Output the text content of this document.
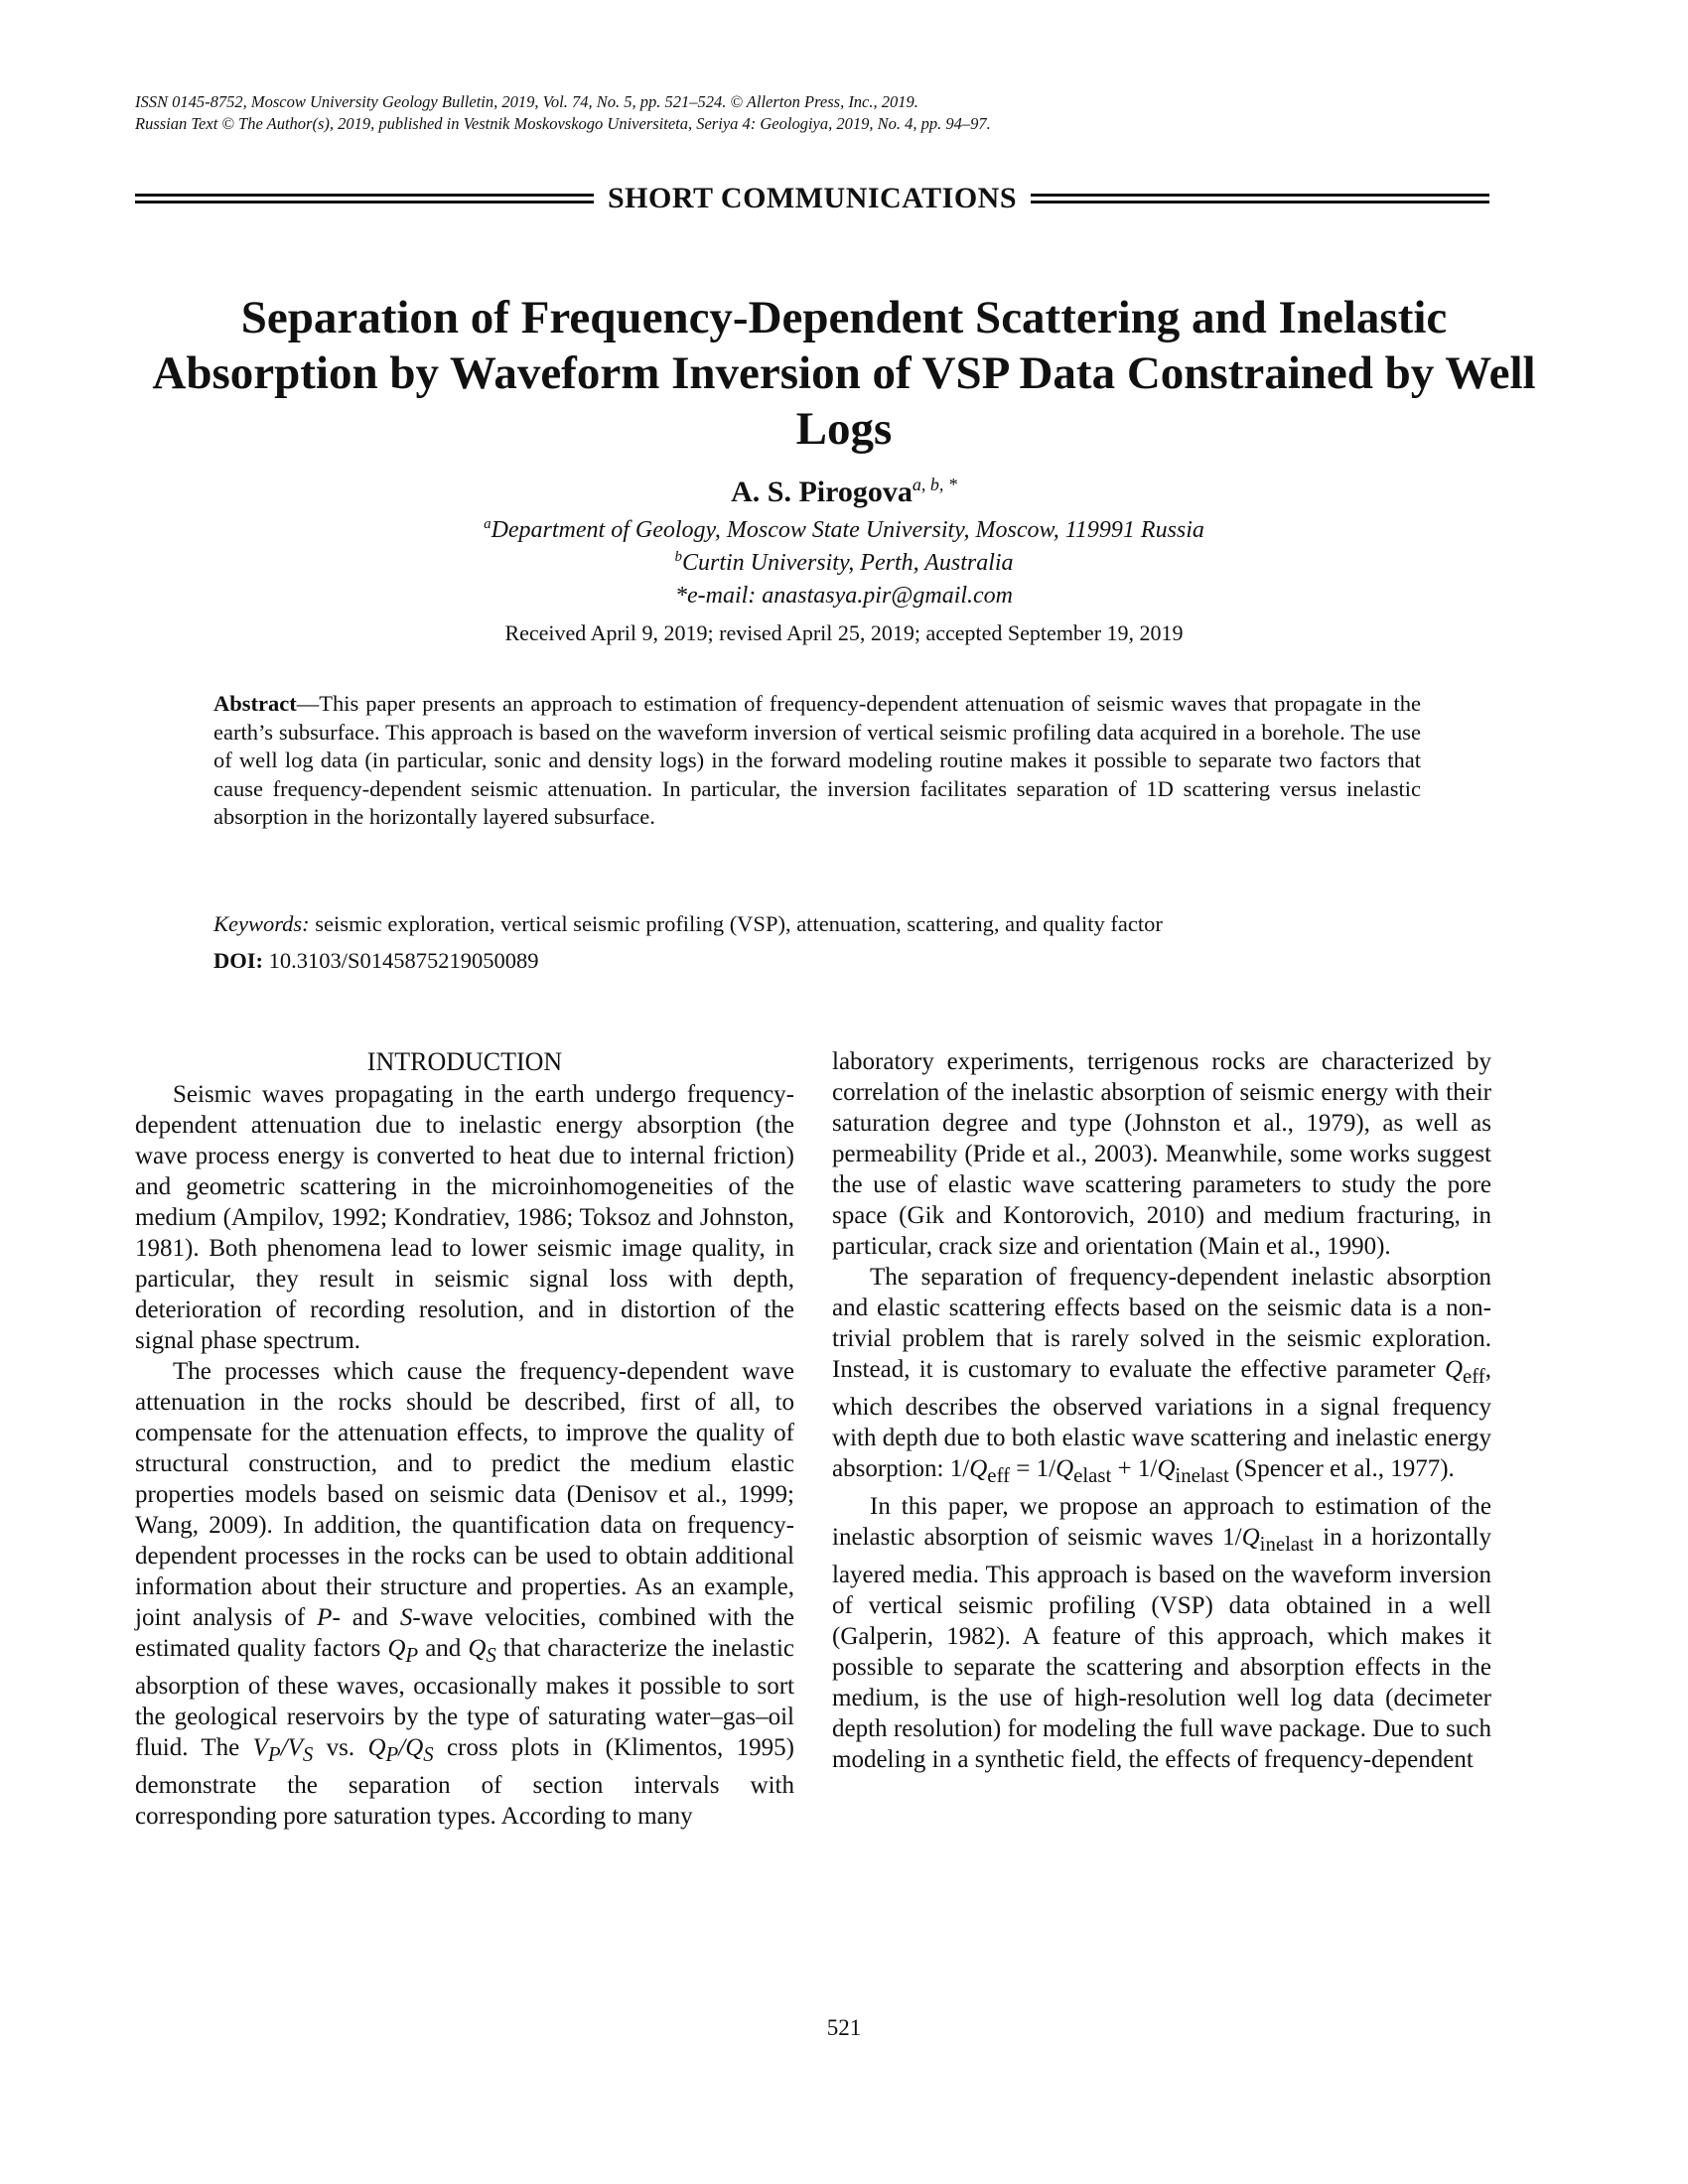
ISSN 0145-8752, Moscow University Geology Bulletin, 2019, Vol. 74, No. 5, pp. 521–524. © Allerton Press, Inc., 2019.
Russian Text © The Author(s), 2019, published in Vestnik Moskovskogo Universiteta, Seriya 4: Geologiya, 2019, No. 4, pp. 94–97.
SHORT COMMUNICATIONS
Separation of Frequency-Dependent Scattering and Inelastic Absorption by Waveform Inversion of VSP Data Constrained by Well Logs
A. S. Pirogova$^{a, b, *}$
$^a$Department of Geology, Moscow State University, Moscow, 119991 Russia
$^b$Curtin University, Perth, Australia
*e-mail: anastasya.pir@gmail.com
Received April 9, 2019; revised April 25, 2019; accepted September 19, 2019
Abstract—This paper presents an approach to estimation of frequency-dependent attenuation of seismic waves that propagate in the earth’s subsurface. This approach is based on the waveform inversion of vertical seismic profiling data acquired in a borehole. The use of well log data (in particular, sonic and density logs) in the forward modeling routine makes it possible to separate two factors that cause frequency-dependent seismic attenuation. In particular, the inversion facilitates separation of 1D scattering versus inelastic absorption in the horizontally layered subsurface.
Keywords: seismic exploration, vertical seismic profiling (VSP), attenuation, scattering, and quality factor
DOI: 10.3103/S0145875219050089
INTRODUCTION

Seismic waves propagating in the earth undergo frequency-dependent attenuation due to inelastic energy absorption (the wave process energy is converted to heat due to internal friction) and geometric scattering in the microinhomogeneities of the medium (Ampilov, 1992; Kondratiev, 1986; Toksoz and Johnston, 1981). Both phenomena lead to lower seismic image quality, in particular, they result in seismic signal loss with depth, deterioration of recording resolution, and in distortion of the signal phase spectrum.

The processes which cause the frequency-dependent wave attenuation in the rocks should be described, first of all, to compensate for the attenuation effects, to improve the quality of structural construction, and to predict the medium elastic properties models based on seismic data (Denisov et al., 1999; Wang, 2009). In addition, the quantification data on frequency-dependent processes in the rocks can be used to obtain additional information about their structure and properties. As an example, joint analysis of P- and S-wave velocities, combined with the estimated quality factors $Q_P$ and $Q_S$ that characterize the inelastic absorption of these waves, occasionally makes it possible to sort the geological reservoirs by the type of saturating water–gas–oil fluid. The $V_P/V_S$ vs. $Q_P/Q_S$ cross plots in (Klimentos, 1995) demonstrate the separation of section intervals with corresponding pore saturation types. According to many

laboratory experiments, terrigenous rocks are characterized by correlation of the inelastic absorption of seismic energy with their saturation degree and type (Johnston et al., 1979), as well as permeability (Pride et al., 2003). Meanwhile, some works suggest the use of elastic wave scattering parameters to study the pore space (Gik and Kontorovich, 2010) and medium fracturing, in particular, crack size and orientation (Main et al., 1990).

The separation of frequency-dependent inelastic absorption and elastic scattering effects based on the seismic data is a non-trivial problem that is rarely solved in the seismic exploration. Instead, it is customary to evaluate the effective parameter $Q_{eff}$, which describes the observed variations in a signal frequency with depth due to both elastic wave scattering and inelastic energy absorption: $1/Q_{eff} = 1/Q_{elast} + 1/Q_{inelast}$ (Spencer et al., 1977).

In this paper, we propose an approach to estimation of the inelastic absorption of seismic waves $1/Q_{inelast}$ in a horizontally layered media. This approach is based on the waveform inversion of vertical seismic profiling (VSP) data obtained in a well (Galperin, 1982). A feature of this approach, which makes it possible to separate the scattering and absorption effects in the medium, is the use of high-resolution well log data (decimeter depth resolution) for modeling the full wave package. Due to such modeling in a synthetic field, the effects of frequency-dependent

521
